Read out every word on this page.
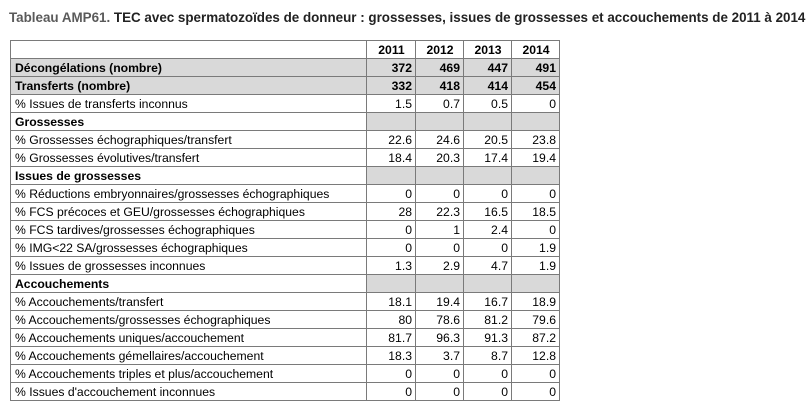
Tableau AMP61. TEC avec spermatozoïdes de donneur : grossesses, issues de grossesses et accouchements de 2011 à 2014
	2011	2012	2013	2014
Décongélations (nombre)	372	469	447	491
Transferts (nombre)	332	418	414	454
% Issues de transferts inconnus	1.5	0.7	0.5	0
Grossesses				
% Grossesses échographiques/transfert	22.6	24.6	20.5	23.8
% Grossesses évolutives/transfert	18.4	20.3	17.4	19.4
Issues de grossesses				
% Réductions embryonnaires/grossesses échographiques	0	0	0	0
% FCS précoces et GEU/grossesses échographiques	28	22.3	16.5	18.5
% FCS tardives/grossesses échographiques	0	1	2.4	0
% IMG<22 SA/grossesses échographiques	0	0	0	1.9
% Issues de grossesses inconnues	1.3	2.9	4.7	1.9
Accouchements				
% Accouchements/transfert	18.1	19.4	16.7	18.9
% Accouchements/grossesses échographiques	80	78.6	81.2	79.6
% Accouchements uniques/accouchement	81.7	96.3	91.3	87.2
% Accouchements gémellaires/accouchement	18.3	3.7	8.7	12.8
% Accouchements triples et plus/accouchement	0	0	0	0
% Issues d'accouchement inconnues	0	0	0	0
